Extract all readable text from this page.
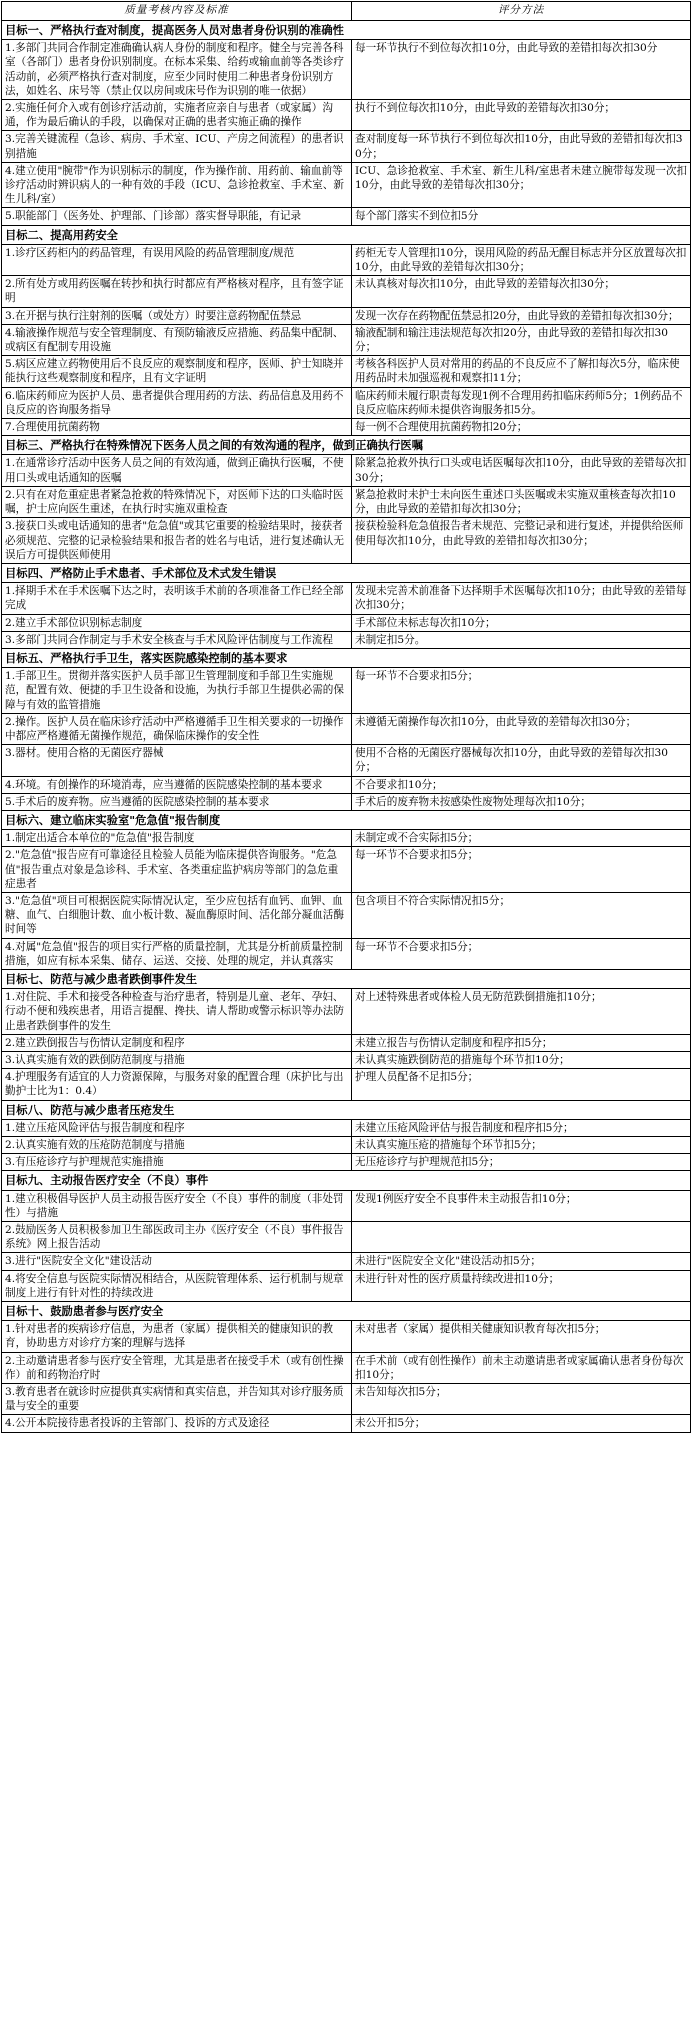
质量考核内容及标准	评分方法
目标一、严格执行查对制度，提高医务人员对患者身份识别的准确性	
1.多部门共同合作制定准确确认病人身份的制度和程序。健全与完善各科室（各部门）患者身份识别制度。在标本采集、给药或输血前等各类诊疗活动前，必须严格执行查对制度，应至少同时使用二种患者身份识别方法，如姓名、床号等（禁止仅以房间或床号作为识别的唯一依据）	每一环节执行不到位每次扣10分，由此导致的差错扣每次扣30分
2.实施任何介入或有创诊疗活动前，实施者应亲自与患者（或家属）沟通，作为最后确认的手段，以确保对正确的患者实施正确的操作	执行不到位每次扣10分，由此导致的差错每次扣30分；
3.完善关键流程（急诊、病房、手术室、ICU、产房之间流程）的患者识别措施	查对制度每一环节执行不到位每次扣10分，由此导致的差错扣每次扣30分；
4.建立使用"腕带"作为识别标示的制度，作为操作前、用药前、输血前等诊疗活动时辨识病人的一种有效的手段（ICU、急诊抢救室、手术室、新生儿科/室）	ICU、急诊抢救室、手术室、新生儿科/室患者未建立腕带每发现一次扣10分，由此导致的差错每次扣30分；
5.职能部门（医务处、护理部、门诊部）落实督导职能，有记录	每个部门落实不到位扣5分
目标二、提高用药安全	
1.诊疗区药柜内的药品管理，有误用风险的药品管理制度/规范	药柜无专人管理扣10分，误用风险的药品无醒目标志并分区放置每次扣10分，由此导致的差错每次扣30分；
2.所有处方或用药医嘱在转抄和执行时都应有严格核对程序，且有签字证明	未认真核对每次扣10分，由此导致的差错每次扣30分；
3.在开据与执行注射剂的医嘱（或处方）时要注意药物配伍禁忌	发现一次存在药物配伍禁忌扣20分，由此导致的差错扣每次扣30分；
4.输液操作规范与安全管理制度、有预防输液反应措施、药品集中配制、或病区有配制专用设施	输液配制和输注违法规范每次扣20分，由此导致的差错扣每次扣30分；
5.病区应建立药物使用后不良反应的观察制度和程序，医师、护士知晓并能执行这些观察制度和程序，且有文字证明	考核各科医护人员对常用的药品的不良反应不了解扣每次5分，临床使用药品时未加强巡视和观察扣11分；
6.临床药师应为医护人员、患者提供合理用药的方法、药品信息及用药不良反应的咨询服务指导	临床药师未履行职责每发现1例不合理用药扣临床药师5分；1例药品不良反应临床药师未提供咨询服务扣5分。
7.合理使用抗菌药物	每一例不合理使用抗菌药物扣20分；
目标三、严格执行在特殊情况下医务人员之间的有效沟通的程序，做到正确执行医嘱	
1.在通常诊疗活动中医务人员之间的有效沟通，做到正确执行医嘱，不使用口头或电话通知的医嘱	除紧急抢救外执行口头或电话医嘱每次扣10分，由此导致的差错每次扣30分；
2.只有在对危重症患者紧急抢救的特殊情况下，对医师下达的口头临时医嘱，护士应向医生重述，在执行时实施双重检查	紧急抢救时未护士未向医生重述口头医嘱或未实施双重核查每次扣10分，由此导致的差错扣每次扣30分；
3.接获口头或电话通知的患者"危急值"或其它重要的检验结果时，接获者必须规范、完整的记录检验结果和报告者的姓名与电话，进行复述确认无误后方可提供医师使用	接获检验科危急值报告者未规范、完整记录和进行复述，并提供给医师使用每次扣10分，由此导致的差错扣每次扣30分；
目标四、严格防止手术患者、手术部位及术式发生错误	
1.择期手术在手术医嘱下达之时，表明该手术前的各项准备工作已经全部完成	发现未完善术前准备下达择期手术医嘱每次扣10分；由此导致的差错每次扣30分；
2.建立手术部位识别标志制度	手术部位未标志每次扣10分；
3.多部门共同合作制定与手术安全核查与手术风险评估制度与工作流程	未制定扣5分。
目标五、严格执行手卫生，落实医院感染控制的基本要求	
1.手部卫生。贯彻并落实医护人员手部卫生管理制度和手部卫生实施规范，配置有效、便捷的手卫生设备和设施，为执行手部卫生提供必需的保障与有效的监管措施	每一环节不合要求扣5分；
2.操作。医护人员在临床诊疗活动中严格遵循手卫生相关要求的一切操作中都应严格遵循无菌操作规范，确保临床操作的安全性	未遵循无菌操作每次扣10分，由此导致的差错每次扣30分；
3.器材。使用合格的无菌医疗器械	使用不合格的无菌医疗器械每次扣10分，由此导致的差错每次扣30分；
4.环境。有创操作的环境消毒，应当遵循的医院感染控制的基本要求	不合要求扣10分；
5.手术后的废弃物。应当遵循的医院感染控制的基本要求	手术后的废弃物未按感染性废物处理每次扣10分；
目标六、建立临床实验室"危急值"报告制度	
1.制定出适合本单位的"危急值"报告制度	未制定或不合实际扣5分；
2."危急值"报告应有可靠途径且检验人员能为临床提供咨询服务。"危急值"报告重点对象是急诊科、手术室、各类重症监护病房等部门的急危重症患者	每一环节不合要求扣5分；
3."危急值"项目可根据医院实际情况认定，至少应包括有血钙、血钾、血糖、血气、白细胞计数、血小板计数、凝血酶原时间、活化部分凝血活酶时间等	包含项目不符合实际情况扣5分；
4.对属"危急值"报告的项目实行严格的质量控制，尤其是分析前质量控制措施，如应有标本采集、储存、运送、交接、处理的规定，并认真落实	每一环节不合要求扣5分；
目标七、防范与减少患者跌倒事件发生	
1.对住院、手术和接受各种检查与治疗患者，特别是儿童、老年、孕妇、行动不便和残疾患者，用语言提醒、搀扶、请人帮助或警示标识等办法防止患者跌倒事件的发生	对上述特殊患者或体检人员无防范跌倒措施扣10分；
2.建立跌倒报告与伤情认定制度和程序	未建立报告与伤情认定制度和程序扣5分；
3.认真实施有效的跌倒防范制度与措施	未认真实施跌倒防范的措施每个环节扣10分；
4.护理服务有适宜的人力资源保障，与服务对象的配置合理（床护比与出勤护士比为1：0.4）	护理人员配备不足扣5分；
目标八、防范与减少患者压疮发生	
1.建立压疮风险评估与报告制度和程序	未建立压疮风险评估与报告制度和程序扣5分；
2.认真实施有效的压疮防范制度与措施	未认真实施压疮的措施每个环节扣5分；
3.有压疮诊疗与护理规范实施措施	无压疮诊疗与护理规范扣5分；
目标九、主动报告医疗安全（不良）事件	
1.建立积极倡导医护人员主动报告医疗安全（不良）事件的制度（非处罚性）与措施	发现1例医疗安全不良事件未主动报告扣10分；
2.鼓励医务人员积极参加卫生部医政司主办《医疗安全（不良）事件报告系统》网上报告活动	
3.进行"医院安全文化"建设活动	未进行"医院安全文化"建设活动扣5分；
4.将安全信息与医院实际情况相结合，从医院管理体系、运行机制与规章制度上进行有针对性的持续改进	未进行针对性的医疗质量持续改进扣10分；
目标十、鼓励患者参与医疗安全	
1.针对患者的疾病诊疗信息，为患者（家属）提供相关的健康知识的教育，协助患方对诊疗方案的理解与选择	未对患者（家属）提供相关健康知识教育每次扣5分；
2.主动邀请患者参与医疗安全管理，尤其是患者在接受手术（或有创性操作）前和药物治疗时	在手术前（或有创性操作）前未主动邀请患者或家属确认患者身份每次扣10分；
3.教育患者在就诊时应提供真实病情和真实信息，并告知其对诊疗服务质量与安全的重要	未告知每次扣5分；
4.公开本院接待患者投诉的主管部门、投诉的方式及途径	未公开扣5分；
